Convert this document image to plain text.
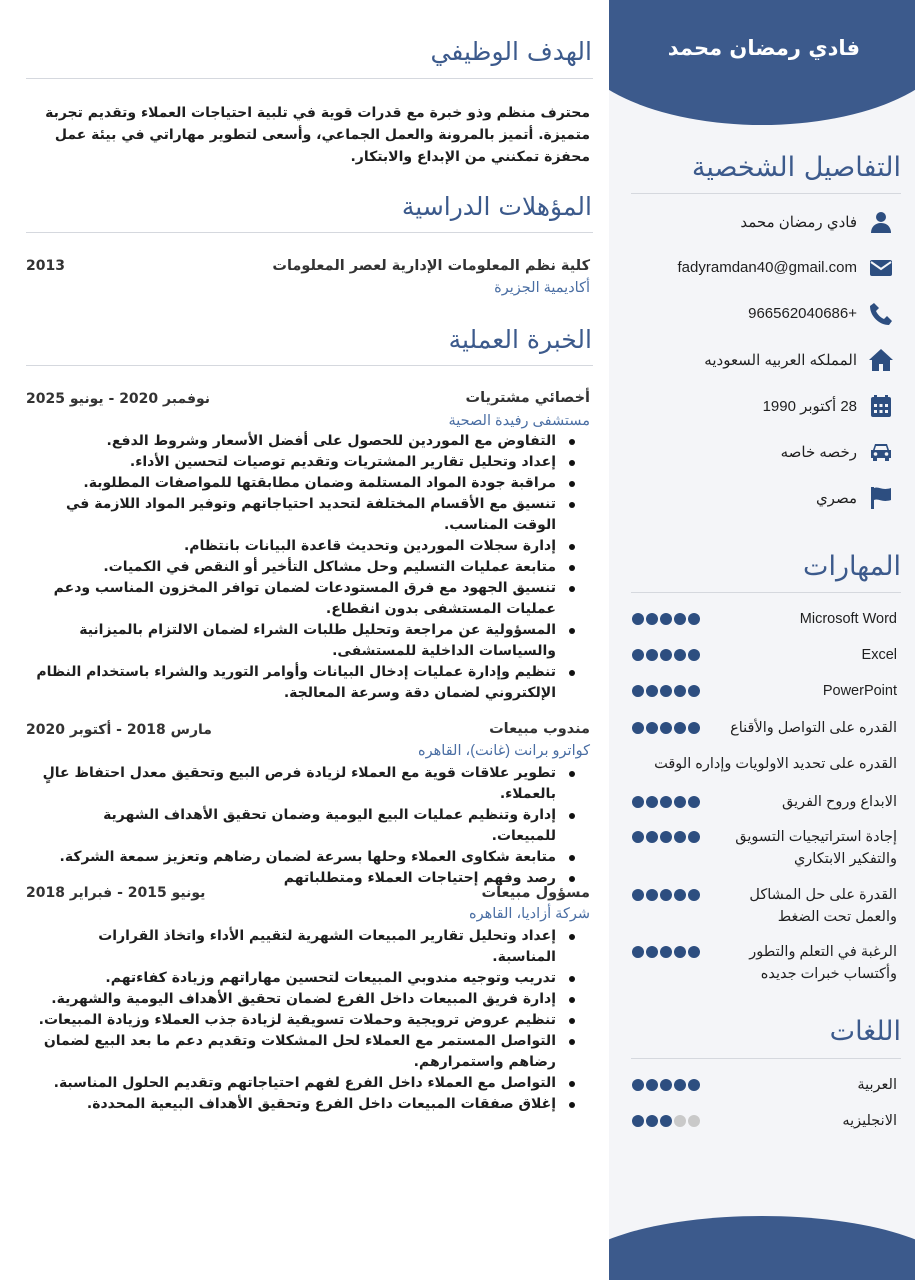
فادي رمضان محمد
التفاصيل الشخصية
فادي رمضان محمد
fadyramdan40@gmail.com
966562040686+
المملكه العربيه السعوديه
28 أكتوبر 1990
رخصه خاصه
مصري
المهارات
Microsoft Word
Excel
PowerPoint
القدره على التواصل والأقناع
القدره على تحديد الاولويات وإداره الوقت
الابداع وروح الفريق
إجادة استراتيجيات التسويق والتفكير الابتكاري
القدرة على حل المشاكل والعمل تحت الضغط
الرغبة في التعلم والتطور وأكتساب خبرات جديده
اللغات
العربية
الانجليزيه
الهدف الوظيفي
محترف منظم وذو خبرة مع قدرات قوية في تلبية احتياجات العملاء وتقديم تجربة متميزة. أتميز بالمرونة والعمل الجماعي، وأسعى لتطوير مهاراتي في بيئة عمل محفزة تمكنني من الإبداع والابتكار.
المؤهلات الدراسية
كلية نظم المعلومات الإدارية لعصر المعلومات
2013
أكاديمية الجزيرة
الخبرة العملية
أخصائي مشتريات
نوفمبر 2020 - يونيو 2025
مستشفى رفيدة الصحية
التفاوض مع الموردين للحصول على أفضل الأسعار وشروط الدفع.
إعداد وتحليل تقارير المشتريات وتقديم توصيات لتحسين الأداء.
مراقبة جودة المواد المستلمة وضمان مطابقتها للمواصفات المطلوبة.
تنسيق مع الأقسام المختلفة لتحديد احتياجاتهم وتوفير المواد اللازمة في الوقت المناسب.
إدارة سجلات الموردين وتحديث قاعدة البيانات بانتظام.
متابعة عمليات التسليم وحل مشاكل التأخير أو النقص في الكميات.
تنسيق الجهود مع فرق المستودعات لضمان توافر المخزون المناسب ودعم عمليات المستشفى بدون انقطاع.
المسؤولية عن مراجعة وتحليل طلبات الشراء لضمان الالتزام بالميزانية والسياسات الداخلية للمستشفى.
تنظيم وإدارة عمليات إدخال البيانات وأوامر التوريد والشراء باستخدام النظام الإلكتروني لضمان دقة وسرعة المعالجة.
مندوب مبيعات
مارس 2018 - أكتوبر 2020
كواترو برانت (غانت)، القاهره
تطوير علاقات قوية مع العملاء لزيادة فرص البيع وتحقيق معدل احتفاظ عالٍ بالعملاء.
إدارة وتنظيم عمليات البيع اليومية وضمان تحقيق الأهداف الشهرية للمبيعات.
متابعة شكاوى العملاء وحلها بسرعة لضمان رضاهم وتعزيز سمعة الشركة.
رصد وفهم إحتياجات العملاء ومتطلباتهم
مسؤول مبيعات
يونيو 2015 - فبراير 2018
شركة أزاديا، القاهره
إعداد وتحليل تقارير المبيعات الشهرية لتقييم الأداء واتخاذ القرارات المناسبة.
تدريب وتوجيه مندوبي المبيعات لتحسين مهاراتهم وزيادة كفاءتهم.
إدارة فريق المبيعات داخل الفرع لضمان تحقيق الأهداف اليومية والشهرية.
تنظيم عروض ترويجية وحملات تسويقية لزيادة جذب العملاء وزيادة المبيعات.
التواصل المستمر مع العملاء لحل المشكلات وتقديم دعم ما بعد البيع لضمان رضاهم واستمرارهم.
التواصل مع العملاء داخل الفرع لفهم احتياجاتهم وتقديم الحلول المناسبة.
إغلاق صفقات المبيعات داخل الفرع وتحقيق الأهداف البيعية المحددة.
